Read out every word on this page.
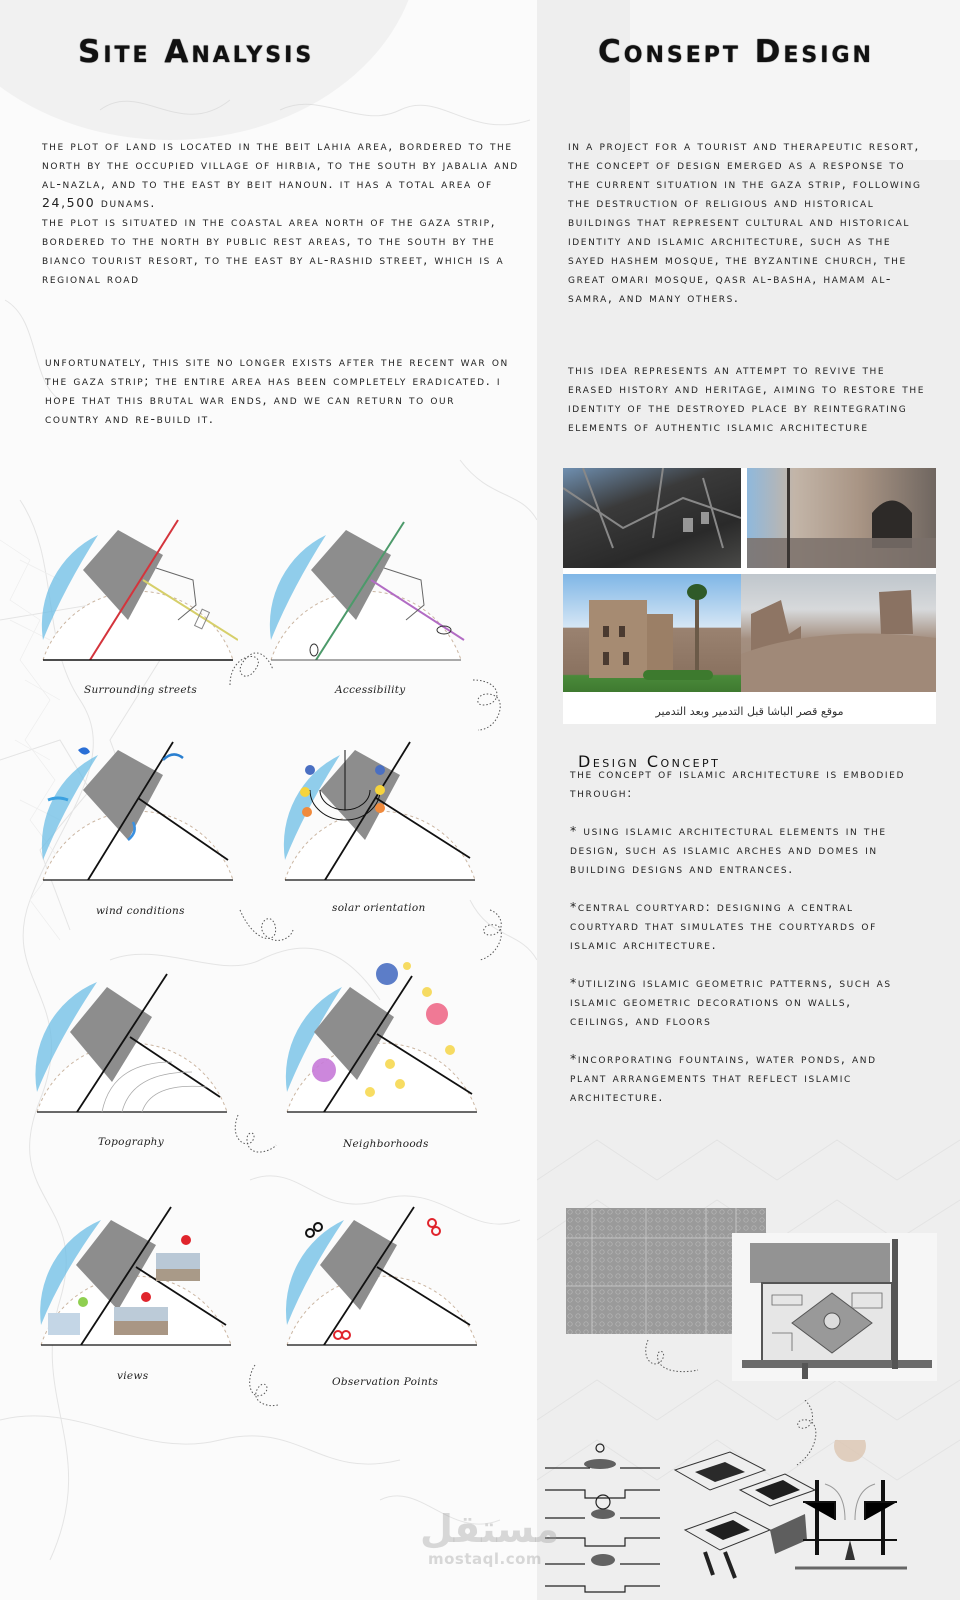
Site Analysis	Consept Design

the plot of land is located in the beit lahia area, bordered to the north by the occupied village of hirbia, to the south by jabalia and al-nazla, and to the east by beit hanoun. it has a total area of 24,500 dunams.

the plot is situated in the coastal area north of the gaza strip, bordered to the north by public rest areas, to the south by the bianco tourist resort, to the east by al-rashid street, which is a regional road

unfortunately, this site no longer exists after the recent war on the gaza strip; the entire area has been completely eradicated. i hope that this brutal war ends, and we can return to our country and re-build it.
in a project for a tourist and therapeutic resort, the concept of design emerged as a response to the current situation in the gaza strip, following the destruction of religious and historical buildings that represent cultural and historical identity and islamic architecture, such as the sayed hashem mosque, the byzantine church, the great omari mosque, qasr al-basha, hamam al- samra, and many others.
this idea represents an attempt to revive the erased history and heritage, aiming to restore the identity of the destroyed place by reintegrating elements of authentic islamic architecture
موقع قصر الباشا قبل التدمير وبعد التدمير
Design Concept

the concept of islamic architecture is embodied through:

* using islamic architectural elements in the design, such as islamic arches and domes in building designs and entrances.

*central courtyard: designing a central courtyard that simulates the courtyards of islamic architecture.

*utilizing islamic geometric patterns, such as islamic geometric decorations on walls, ceilings, and floors

*incorporating fountains, water ponds, and plant arrangements that reflect islamic architecture.

مستقل
mostaql.com
Surrounding streets	Accessibility
wind conditions	solar orientation
Topography	Neighborhoods
views	Observation Points
